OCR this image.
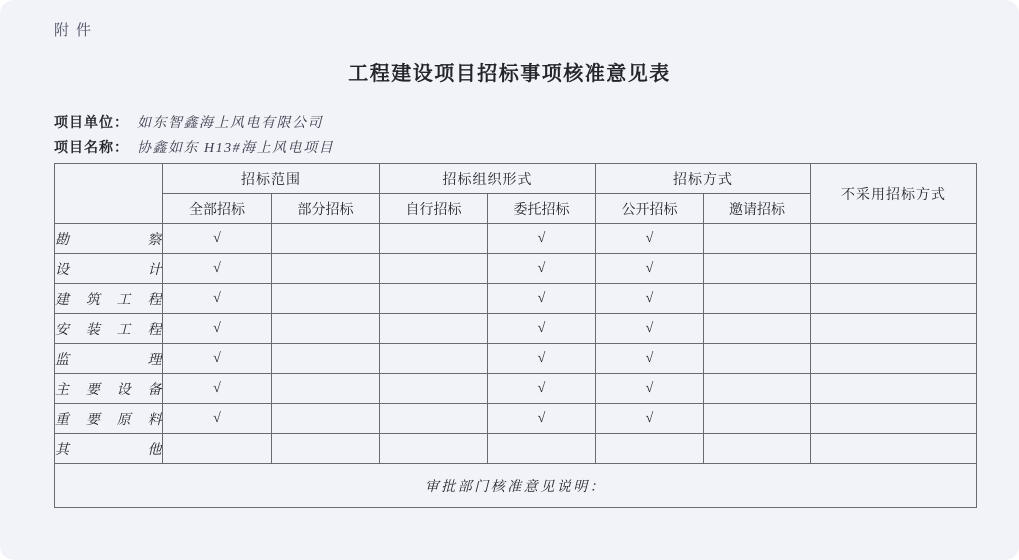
附件
工程建设项目招标事项核准意见表
项目单位： 如东智鑫海上风电有限公司
项目名称： 协鑫如东 H13#海上风电项目
	招标范围		招标组织形式		招标方式		不采用招标方式
	全部招标	部分招标	自行招标	委托招标	公开招标	邀请招标	
勘察	√			√	√		
设计	√			√	√		
建筑工程	√			√	√		
安装工程	√			√	√		
监理	√			√	√		
主要设备	√			√	√		
重要原料	√			√	√		
其他							
审批部门核准意见说明：							
